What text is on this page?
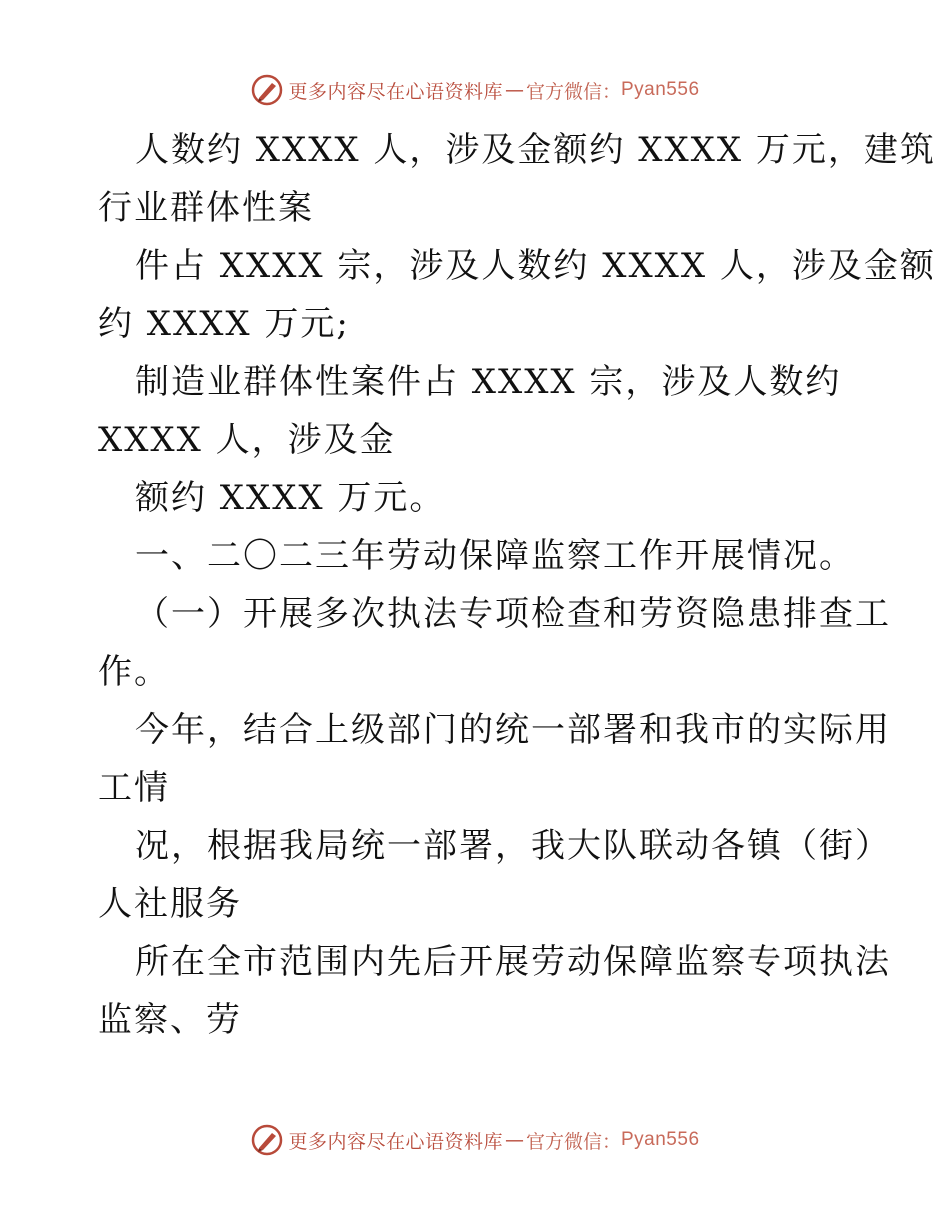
更多内容尽在心语资料库 — 官方微信： Pyan556
人数约 XXXX 人，涉及金额约 XXXX 万元，建筑
行业群体性案
件占 XXXX 宗，涉及人数约 XXXX 人，涉及金额
约 XXXX 万元;
制造业群体性案件占 XXXX 宗，涉及人数约
XXXX 人，涉及金
额约 XXXX 万元。
一、二〇二三年劳动保障监察工作开展情况。
（一）开展多次执法专项检查和劳资隐患排查工
作。
今年，结合上级部门的统一部署和我市的实际用
工情
况，根据我局统一部署，我大队联动各镇（街）
人社服务
所在全市范围内先后开展劳动保障监察专项执法
监察、劳
更多内容尽在心语资料库 — 官方微信： Pyan556
